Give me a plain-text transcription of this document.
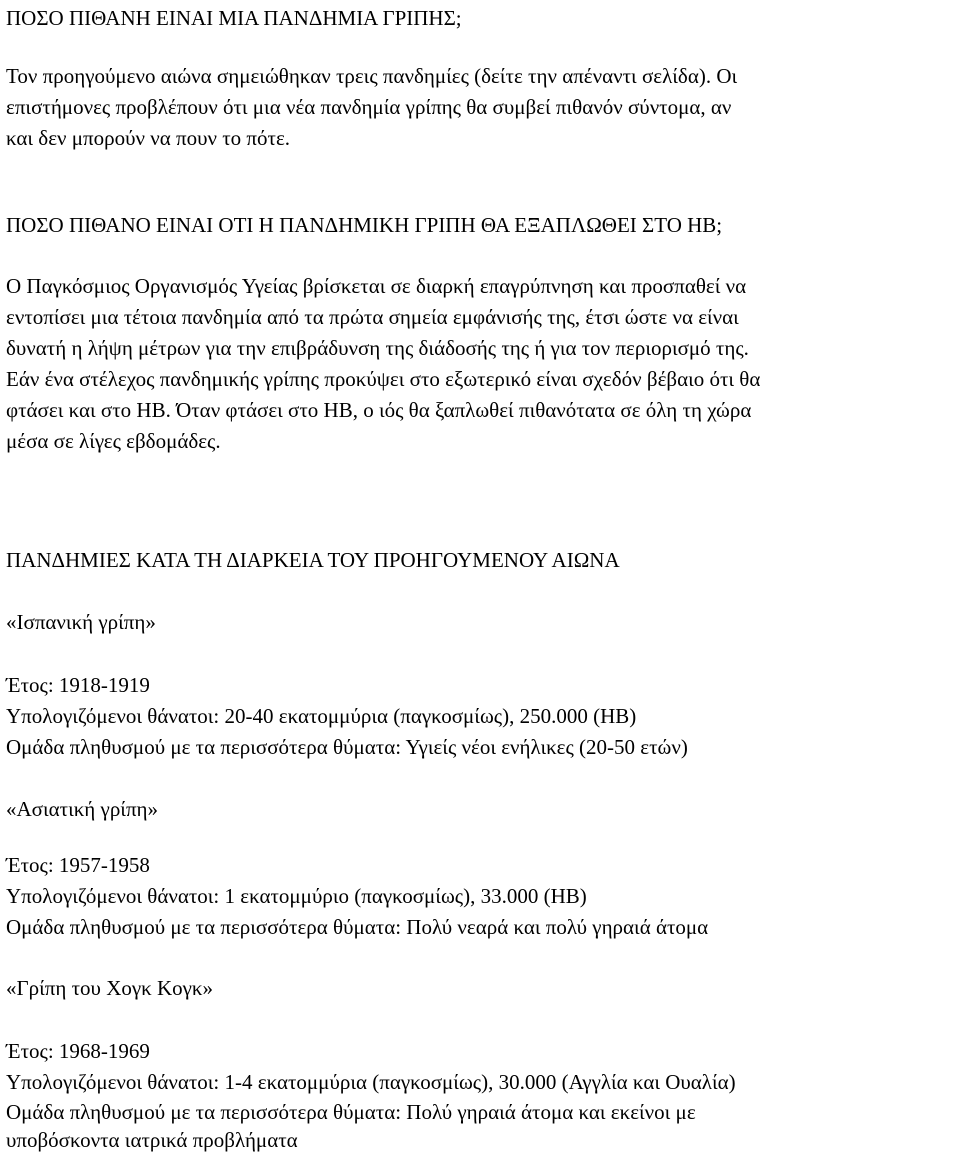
ΠΟΣΟ ΠΙΘΑΝΗ ΕΙΝΑΙ ΜΙΑ ΠΑΝΔΗΜΙΑ ΓΡΙΠΗΣ;

Τον προηγούμενο αιώνα σημειώθηκαν τρεις πανδημίες (δείτε την απέναντι σελίδα). Οι

επιστήμονες προβλέπουν ότι μια νέα πανδημία γρίπης θα συμβεί πιθανόν σύντομα, αν

και δεν μπορούν να πουν το πότε.

ΠΟΣΟ ΠΙΘΑΝΟ ΕΙΝΑΙ ΟΤΙ Η ΠΑΝΔΗΜΙΚΗ ΓΡΙΠΗ ΘΑ ΕΞΑΠΛΩΘΕΙ ΣΤΟ ΗΒ;

Ο Παγκόσμιος Οργανισμός Υγείας βρίσκεται σε διαρκή επαγρύπνηση και προσπαθεί να

εντοπίσει μια τέτοια πανδημία από τα πρώτα σημεία εμφάνισής της, έτσι ώστε να είναι

δυνατή η λήψη μέτρων για την επιβράδυνση της διάδοσής της ή για τον περιορισμό της.

Εάν ένα στέλεχος πανδημικής γρίπης προκύψει στο εξωτερικό είναι σχεδόν βέβαιο ότι θα

φτάσει και στο ΗΒ. Όταν φτάσει στο ΗΒ, ο ιός θα ξαπλωθεί πιθανότατα σε όλη τη χώρα

μέσα σε λίγες εβδομάδες.

ΠΑΝΔΗΜΙΕΣ ΚΑΤΑ ΤΗ ΔΙΑΡΚΕΙΑ ΤΟΥ ΠΡΟΗΓΟΥΜΕΝΟΥ ΑΙΩΝΑ

«Ισπανική γρίπη»

Έτος: 1918-1919

Υπολογιζόμενοι θάνατοι: 20-40 εκατομμύρια (παγκοσμίως), 250.000 (ΗΒ)

Ομάδα πληθυσμού με τα περισσότερα θύματα: Υγιείς νέοι ενήλικες (20-50 ετών)

«Ασιατική γρίπη»

Έτος: 1957-1958

Υπολογιζόμενοι θάνατοι: 1 εκατομμύριο (παγκοσμίως), 33.000 (ΗΒ)

Ομάδα πληθυσμού με τα περισσότερα θύματα: Πολύ νεαρά και πολύ γηραιά άτομα

«Γρίπη του Χογκ Κογκ»

Έτος: 1968-1969

Υπολογιζόμενοι θάνατοι: 1-4 εκατομμύρια (παγκοσμίως), 30.000 (Αγγλία και Ουαλία)

Ομάδα πληθυσμού με τα περισσότερα θύματα: Πολύ γηραιά άτομα και εκείνοι με

υποβόσκοντα ιατρικά προβλήματα
